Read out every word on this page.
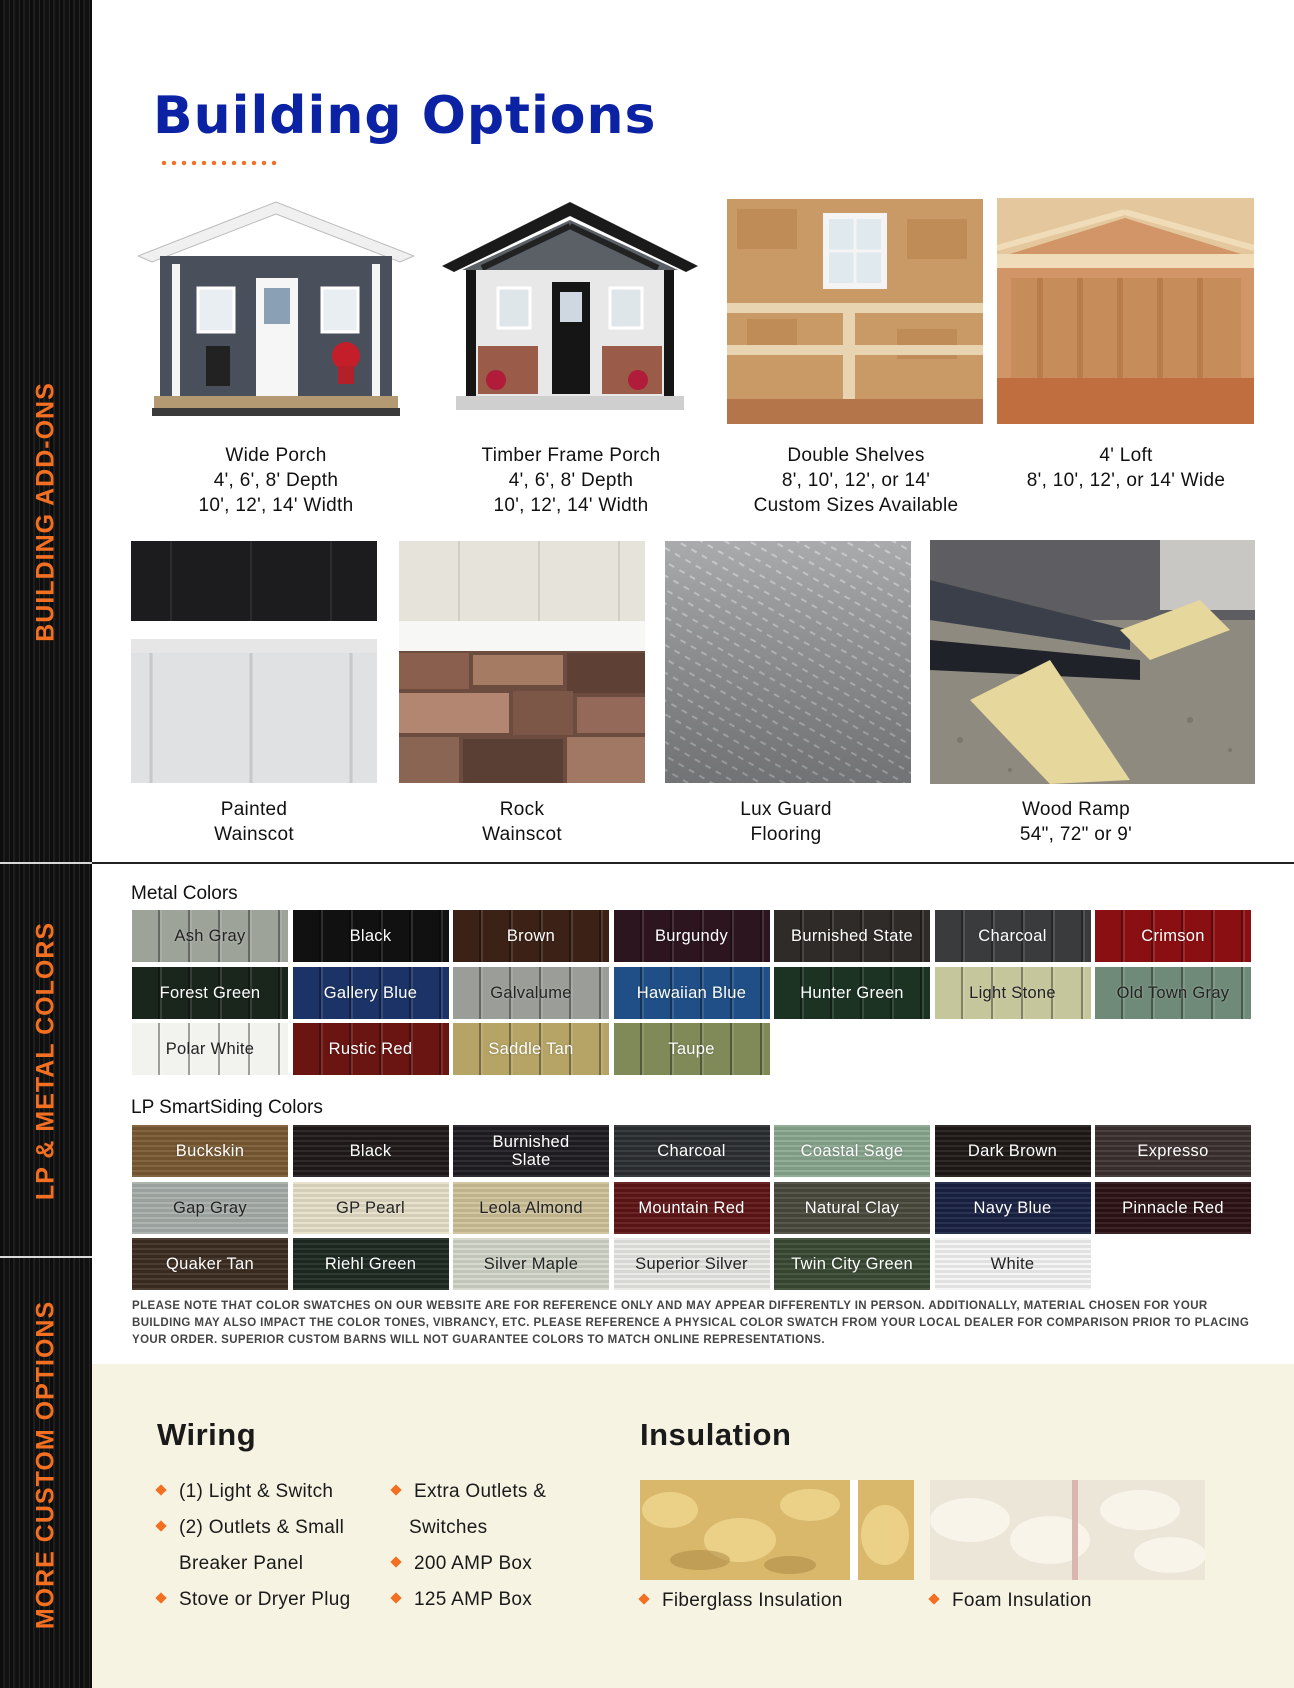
BUILDING ADD-ONS
LP & METAL COLORS
MORE CUSTOM OPTIONS
Building Options
Wide Porch
4', 6', 8' Depth
10', 12', 14' Width
Timber Frame Porch
4', 6', 8' Depth
10', 12', 14' Width
Double Shelves
8', 10', 12', or 14'
Custom Sizes Available
4' Loft
8', 10', 12', or 14' Wide
Painted
Wainscot
Rock
Wainscot
Lux Guard
Flooring
Wood Ramp
54", 72" or 9'
Metal Colors
Ash Gray	Black	Brown	Burgundy	Burnished State	Charcoal	Crimson
Forest Green	Gallery Blue	Galvalume	Hawaiian Blue	Hunter Green	Light Stone	Old Town Gray
Polar White	Rustic Red	Saddle Tan	Taupe
LP SmartSiding Colors
Buckskin	Black	Burnished Slate	Charcoal	Coastal Sage	Dark Brown	Expresso
Gap Gray	GP Pearl	Leola Almond	Mountain Red	Natural Clay	Navy Blue	Pinnacle Red
Quaker Tan	Riehl Green	Silver Maple	Superior Silver	Twin City Green	White
PLEASE NOTE THAT COLOR SWATCHES ON OUR WEBSITE ARE FOR REFERENCE ONLY AND MAY APPEAR DIFFERENTLY IN PERSON. ADDITIONALLY, MATERIAL CHOSEN FOR YOUR BUILDING MAY ALSO IMPACT THE COLOR TONES, VIBRANCY, ETC. PLEASE REFERENCE A PHYSICAL COLOR SWATCH FROM YOUR LOCAL DEALER FOR COMPARISON PRIOR TO PLACING YOUR ORDER. SUPERIOR CUSTOM BARNS WILL NOT GUARANTEE COLORS TO MATCH ONLINE REPRESENTATIONS.
Wiring
(1) Light & Switch
(2) Outlets & Small
Breaker Panel
Stove or Dryer Plug
Extra Outlets &
Switches
200 AMP Box
125 AMP Box
Insulation
Fiberglass Insulation	Foam Insulation
